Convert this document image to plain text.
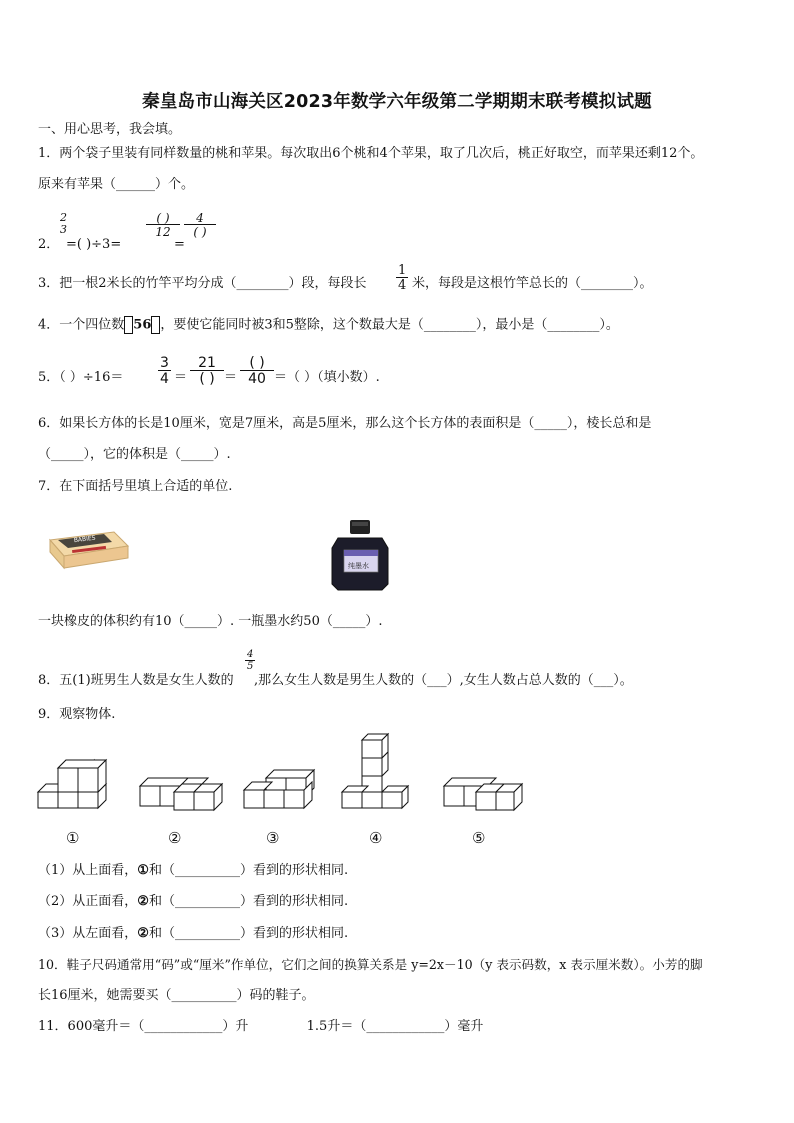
秦皇岛市山海关区2023年数学六年级第二学期期末联考模拟试题
一、用心思考，我会填。
1．两个袋子里装有同样数量的桃和苹果。每次取出6个桃和4个苹果，取了几次后，桃正好取空，而苹果还剩12个。
原来有苹果（______）个。
2．
2
3
=( )÷3=
( )
12
=
4
( )
3．把一根2米长的竹竿平均分成（________）段，每段长 $\frac{1}{4}$ 米，每段是这根竹竿总长的（________）。
4．一个四位数 56 ，要使它能同时被3和5整除，这个数最大是（________），最小是（________）。
5．（ ）$\div 16= \frac{3}{4}$ ＝
21
( ) ＝
( )
40 ＝（ ）（填小数）.
6．如果长方体的长是10厘米，宽是7厘米，高是5厘米，那么这个长方体的表面积是（_____），棱长总和是
（_____），它的体积是（_____）.
7．在下面括号里填上合适的单位.
BABIES
纯墨水
一块橡皮的体积约有10（_____）. 一瓶墨水约50（_____）.
8．五(1)班男生人数是女生人数的
$\frac{4}{5}$
,那么女生人数是男生人数的（___）,女生人数占总人数的（___）。
9．观察物体.
①	②	③	④	⑤
（1）从上面看，①和（__________）看到的形状相同.
（2）从正面看，②和（__________）看到的形状相同.
（3）从左面看，②和（__________）看到的形状相同.
10．鞋子尺码通常用“码”或“厘米”作单位，它们之间的换算关系是 y=2x－10（y 表示码数，x 表示厘米数）。小芳的脚
长16厘米，她需要买（__________）码的鞋子。
11．600毫升＝（____________）升	1.5升＝（____________）毫升
